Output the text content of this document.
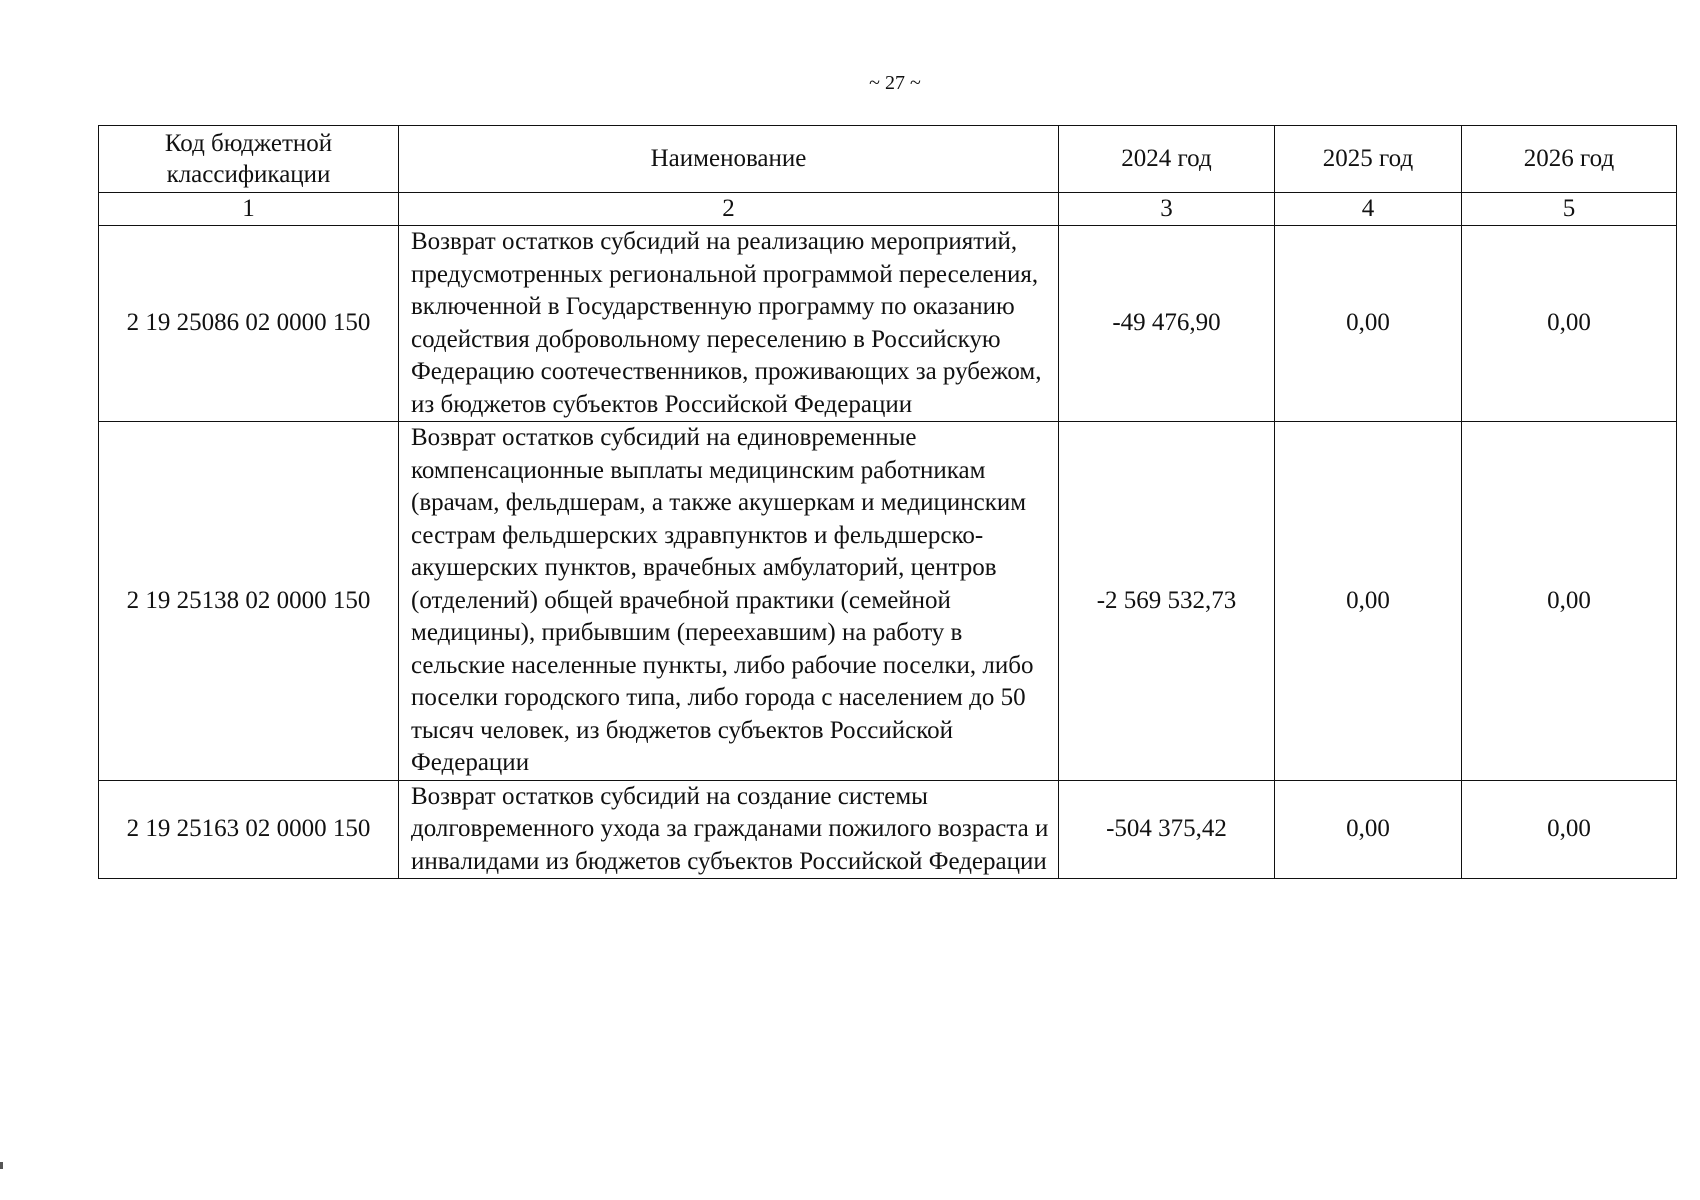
~ 27 ~
Код бюджетной классификации	Наименование	2024 год	2025 год	2026 год
1	2	3	4	5
2 19 25086 02 0000 150	Возврат остатков субсидий на реализацию мероприятий, предусмотренных региональной программой переселения, включенной в Государственную программу по оказанию содействия добровольному переселению в Российскую Федерацию соотечественников, проживающих за рубежом, из бюджетов субъектов Российской Федерации	-49 476,90	0,00	0,00
2 19 25138 02 0000 150	Возврат остатков субсидий на единовременные компенсационные выплаты медицинским работникам (врачам, фельдшерам, а также акушеркам и медицинским сестрам фельдшерских здравпунктов и фельдшерско-акушерских пунктов, врачебных амбулаторий, центров (отделений) общей врачебной практики (семейной медицины), прибывшим (переехавшим) на работу в сельские населенные пункты, либо рабочие поселки, либо поселки городского типа, либо города с населением до 50 тысяч человек, из бюджетов субъектов Российской Федерации	-2 569 532,73	0,00	0,00
2 19 25163 02 0000 150	Возврат остатков субсидий на создание системы долговременного ухода за гражданами пожилого возраста и инвалидами из бюджетов субъектов Российской Федерации	-504 375,42	0,00	0,00
